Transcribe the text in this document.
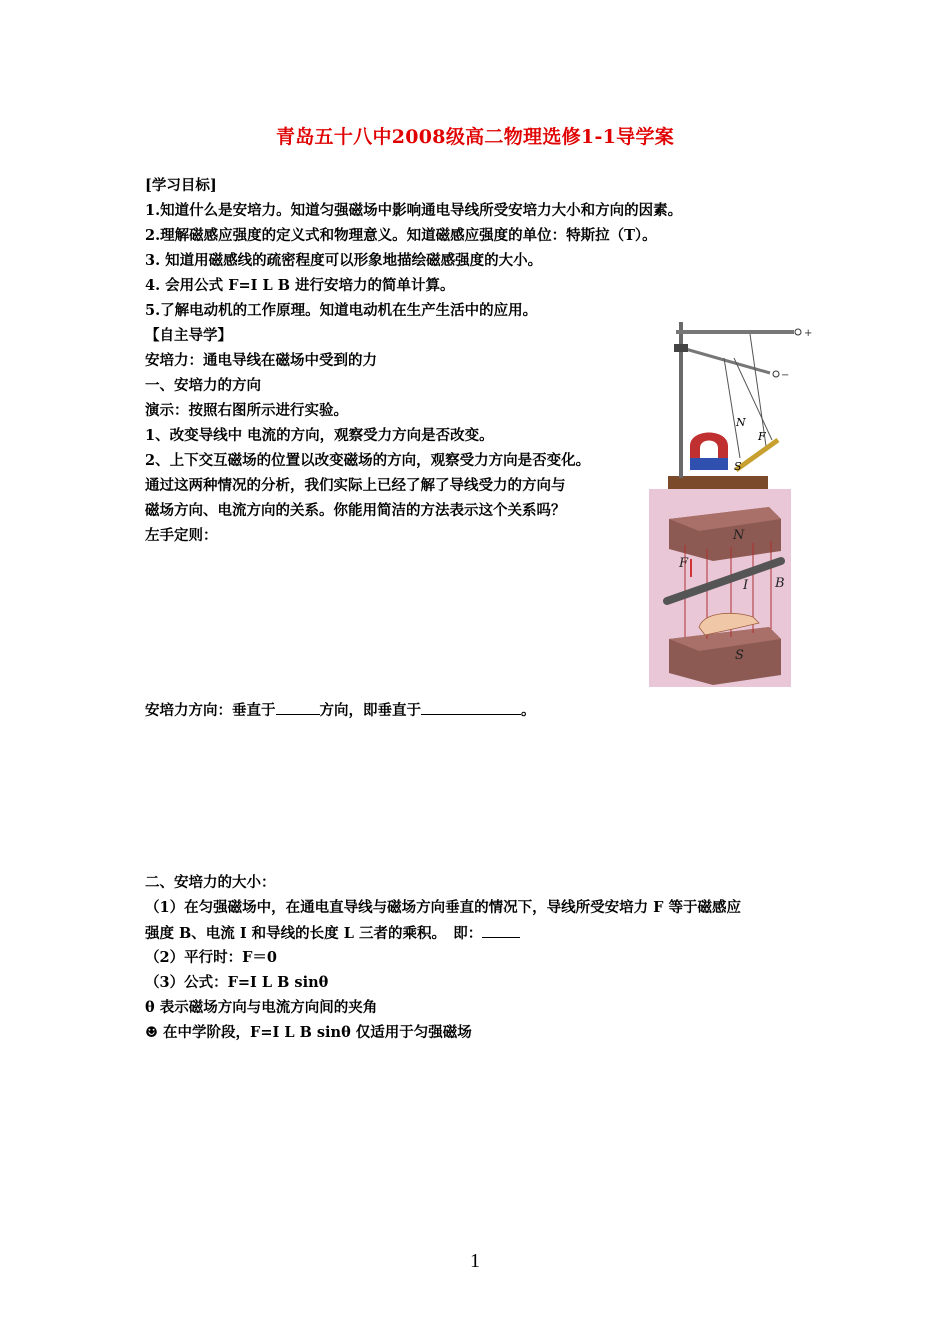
青岛五十八中2008级高二物理选修1-1导学案
[学习目标]
1.知道什么是安培力。知道匀强磁场中影响通电导线所受安培力大小和方向的因素。
2.理解磁感应强度的定义式和物理意义。知道磁感应强度的单位：特斯拉（T）。
3. 知道用磁感线的疏密程度可以形象地描绘磁感强度的大小。
4. 会用公式 F=I L B 进行安培力的简单计算。
5.了解电动机的工作原理。知道电动机在生产生活中的应用。
【自主导学】
安培力：通电导线在磁场中受到的力
一、安培力的方向
演示：按照右图所示进行实验。
1、改变导线中 电流的方向，观察受力方向是否改变。
2、上下交互磁场的位置以改变磁场的方向，观察受力方向是否变化。
通过这两种情况的分析，我们实际上已经了解了导线受力的方向与
磁场方向、电流方向的关系。你能用简洁的方法表示这个关系吗？
左手定则：
安培力方向：垂直于	方向，即垂直于	。
二、安培力的大小：
（1）在匀强磁场中，在通电直导线与磁场方向垂直的情况下，导线所受安培力 F 等于磁感应
强度 B、电流 I 和导线的长度 L 三者的乘积。　即：
（2）平行时：F＝0
（3）公式：F=I L B sinθ
θ 表示磁场方向与电流方向间的夹角
☻ 在中学阶段，F=I L B sinθ 仅适用于匀强磁场
+
−
N
F
S
N
F
I B
S
1
